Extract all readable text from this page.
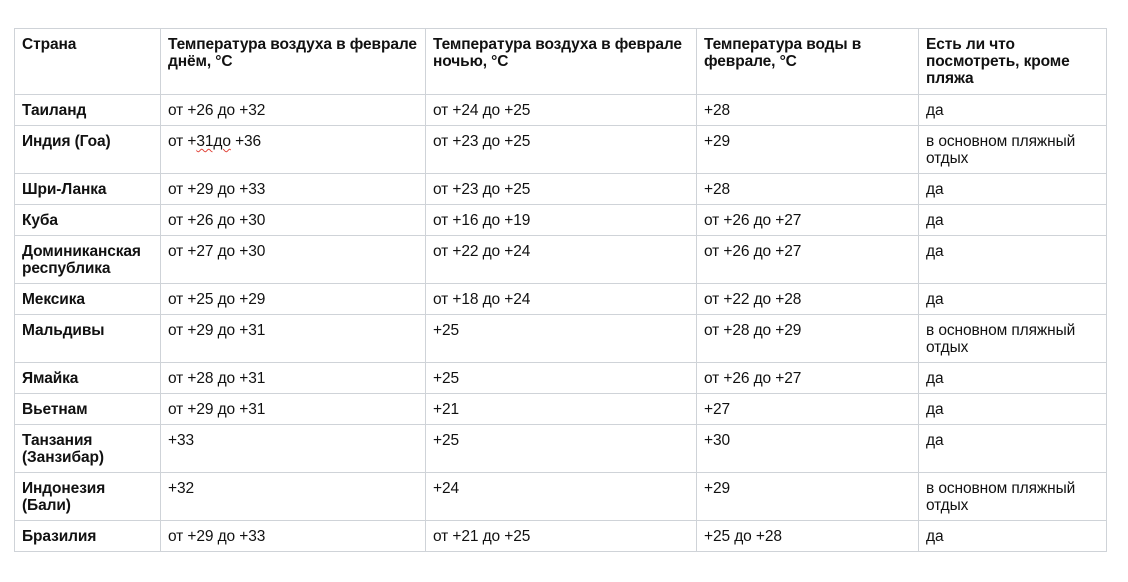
Страна	Температура воздуха в феврале днём, °C	Температура воздуха в феврале ночью, °C	Температура воды в феврале, °C	Есть ли что посмотреть, кроме пляжа
Таиланд	от +26 до +32	от +24 до +25	+28	да
Индия (Гоа)	от +31до +36	от +23 до +25	+29	в основном пляжный отдых
Шри-Ланка	от +29 до +33	от +23 до +25	+28	да
Куба	от +26 до +30	от +16 до +19	от +26 до +27	да
Доминиканская республика	от +27 до +30	от +22 до +24	от +26 до +27	да
Мексика	от +25 до +29	от +18 до +24	от +22 до +28	да
Мальдивы	от +29 до +31	+25	от +28 до +29	в основном пляжный отдых
Ямайка	от +28 до +31	+25	от +26 до +27	да
Вьетнам	от +29 до +31	+21	+27	да
Танзания (Занзибар)	+33	+25	+30	да
Индонезия (Бали)	+32	+24	+29	в основном пляжный отдых
Бразилия	от +29 до +33	от +21 до +25	+25 до +28	да
